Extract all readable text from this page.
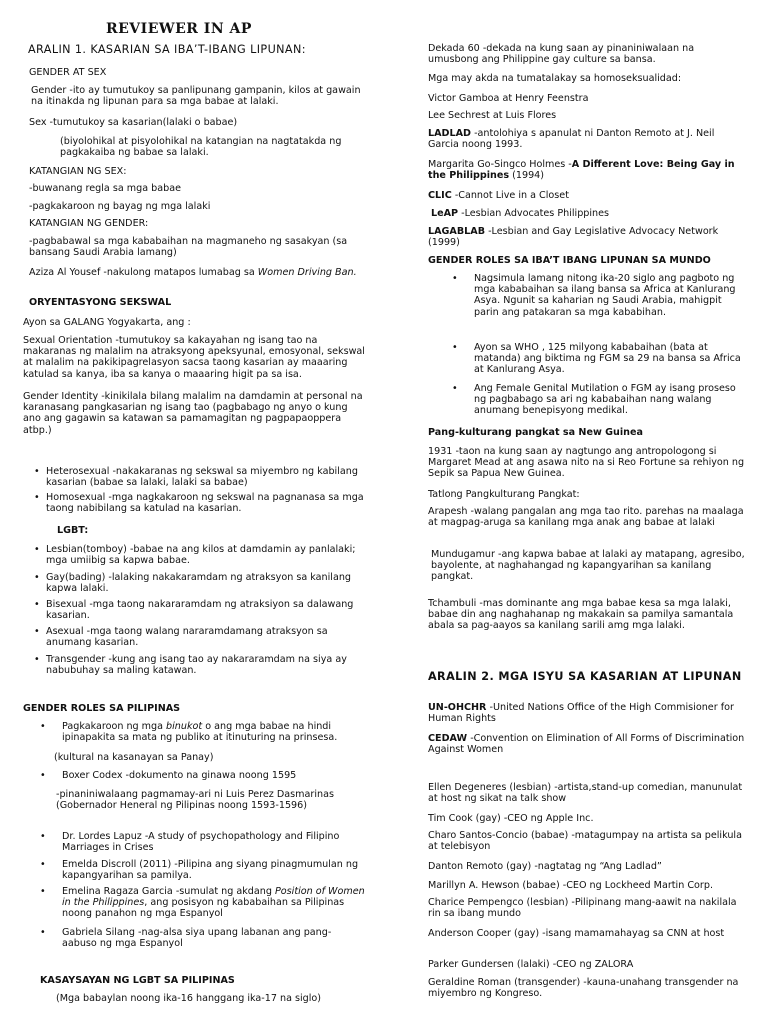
REVIEWER IN AP
ARALIN 1. KASARIAN SA IBA’T-IBANG LIPUNAN:
GENDER AT SEX
Gender -ito ay tumutukoy sa panlipunang gampanin, kilos at gawain na itinakda ng lipunan para sa mga babae at lalaki.
Sex -tumutukoy sa kasarian(lalaki o babae)
(biyolohikal at pisyolohikal na katangian na nagtatakda ng pagkakaiba ng babae sa lalaki.
KATANGIAN NG SEX:
-buwanang regla sa mga babae
-pagkakaroon ng bayag ng mga lalaki
KATANGIAN NG GENDER:
-pagbabawal sa mga kababaihan na magmaneho ng sasakyan (sa bansang Saudi Arabia lamang)
Aziza Al Yousef -nakulong matapos lumabag sa Women Driving Ban.
ORYENTASYONG SEKSWAL
Ayon sa GALANG Yogyakarta, ang :
Sexual Orientation -tumutukoy sa kakayahan ng isang tao na makaranas ng malalim na atraksyong apeksyunal, emosyonal, sekswal at malalim na pakikipagrelasyon sacsa taong kasarian ay maaaring katulad sa kanya, iba sa kanya o maaaring higit pa sa isa.
Gender Identity -kinikilala bilang malalim na damdamin at personal na karanasang pangkasarian ng isang tao (pagbabago ng anyo o kung ano ang gagawin sa katawan sa pamamagitan ng pagpapaoppera atbp.)
• Heterosexual -nakakaranas ng sekswal sa miyembro ng kabilang kasarian (babae sa lalaki, lalaki sa babae)
• Homosexual -mga nagkakaroon ng sekswal na pagnanasa sa mga taong nabibilang sa katulad na kasarian.
LGBT:
• Lesbian(tomboy) -babae na ang kilos at damdamin ay panlalaki; mga umiibig sa kapwa babae.
• Gay(bading) -lalaking nakakaramdam ng atraksyon sa kanilang kapwa lalaki.
• Bisexual -mga taong nakararamdam ng atraksiyon sa dalawang kasarian.
• Asexual -mga taong walang nararamdamang atraksyon sa anumang kasarian.
• Transgender -kung ang isang tao ay nakararamdam na siya ay nabubuhay sa maling katawan.
GENDER ROLES SA PILIPINAS
• Pagkakaroon ng mga binukot o ang mga babae na hindi ipinapakita sa mata ng publiko at itinuturing na prinsesa.
(kultural na kasanayan sa Panay)
• Boxer Codex -dokumento na ginawa noong 1595
-pinaniniwalaang pagmamay-ari ni Luis Perez Dasmarinas (Gobernador Heneral ng Pilipinas noong 1593-1596)
• Dr. Lordes Lapuz -A study of psychopathology and Filipino Marriages in Crises
• Emelda Discroll (2011) -Pilipina ang siyang pinagmumulan ng kapangyarihan sa pamilya.
• Emelina Ragaza Garcia -sumulat ng akdang Position of Women in the Philippines, ang posisyon ng kababaihan sa Pilipinas noong panahon ng mga Espanyol
• Gabriela Silang -nag-alsa siya upang labanan ang pang-aabuso ng mga Espanyol
KASAYSAYAN NG LGBT SA PILIPINAS
(Mga babaylan noong ika-16 hanggang ika-17 na siglo)
Dekada 60 -dekada na kung saan ay pinaniniwalaan na umusbong ang Philippine gay culture sa bansa.
Mga may akda na tumatalakay sa homoseksualidad:
Victor Gamboa at Henry Feenstra
Lee Sechrest at Luis Flores
LADLAD -antolohiya s apanulat ni Danton Remoto at J. Neil Garcia noong 1993.
Margarita Go-Singco Holmes -A Different Love: Being Gay in the Philippines (1994)
CLIC -Cannot Live in a Closet
LeAP -Lesbian Advocates Philippines
LAGABLAB -Lesbian and Gay Legislative Advocacy Network (1999)
GENDER ROLES SA IBA’T IBANG LIPUNAN SA MUNDO
• Nagsimula lamang nitong ika-20 siglo ang pagboto ng mga kababaihan sa ilang bansa sa Africa at Kanlurang Asya. Ngunit sa kaharian ng Saudi Arabia, mahigpit parin ang patakaran sa mga kababihan.
• Ayon sa WHO , 125 milyong kababaihan (bata at matanda) ang biktima ng FGM sa 29 na bansa sa Africa at Kanlurang Asya.
• Ang Female Genital Mutilation o FGM ay isang proseso ng pagbabago sa ari ng kababaihan nang walang anumang benepisyong medikal.
Pang-kulturang pangkat sa New Guinea
1931 -taon na kung saan ay nagtungo ang antropologong si Margaret Mead at ang asawa nito na si Reo Fortune sa rehiyon ng Sepik sa Papua New Guinea.
Tatlong Pangkulturang Pangkat:
Arapesh -walang pangalan ang mga tao rito. parehas na maalaga at magpag-aruga sa kanilang mga anak ang babae at lalaki
Mundugamur -ang kapwa babae at lalaki ay matapang, agresibo, bayolente, at naghahangad ng kapangyarihan sa kanilang pangkat.
Tchambuli -mas dominante ang mga babae kesa sa mga lalaki, babae din ang naghahanap ng makakain sa pamilya samantala abala sa pag-aayos sa kanilang sarili amg mga lalaki.
ARALIN 2. MGA ISYU SA KASARIAN AT LIPUNAN
UN-OHCHR -United Nations Office of the High Commisioner for Human Rights
CEDAW -Convention on Elimination of All Forms of Discrimination Against Women
Ellen Degeneres (lesbian) -artista,stand-up comedian, manunulat at host ng sikat na talk show
Tim Cook (gay) -CEO ng Apple Inc.
Charo Santos-Concio (babae) -matagumpay na artista sa pelikula at telebisyon
Danton Remoto (gay) -nagtatag ng “Ang Ladlad”
Marillyn A. Hewson (babae) -CEO ng Lockheed Martin Corp.
Charice Pempengco (lesbian) -Pilipinang mang-aawit na nakilala rin sa ibang mundo
Anderson Cooper (gay) -isang mamamahayag sa CNN at host
Parker Gundersen (lalaki) -CEO ng ZALORA
Geraldine Roman (transgender) -kauna-unahang transgender na miyembro ng Kongreso.
